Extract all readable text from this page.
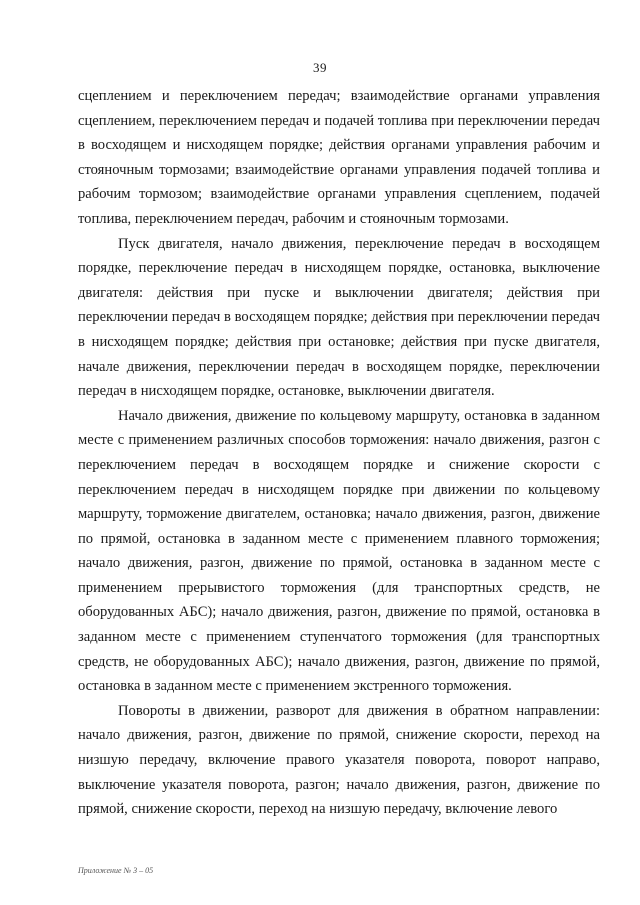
39

сцеплением и переключением передач; взаимодействие органами управления сцеплением, переключением передач и подачей топлива при переключении передач в восходящем и нисходящем порядке; действия органами управления рабочим и стояночным тормозами; взаимодействие органами управления подачей топлива и рабочим тормозом; взаимодействие органами управления сцеплением, подачей топлива, переключением передач, рабочим и стояночным тормозами.

Пуск двигателя, начало движения, переключение передач в восходящем порядке, переключение передач в нисходящем порядке, остановка, выключение двигателя: действия при пуске и выключении двигателя; действия при переключении передач в восходящем порядке; действия при переключении передач в нисходящем порядке; действия при остановке; действия при пуске двигателя, начале движения, переключении передач в восходящем порядке, переключении передач в нисходящем порядке, остановке, выключении двигателя.

Начало движения, движение по кольцевому маршруту, остановка в заданном месте с применением различных способов торможения: начало движения, разгон с переключением передач в восходящем порядке и снижение скорости с переключением передач в нисходящем порядке при движении по кольцевому маршруту, торможение двигателем, остановка; начало движения, разгон, движение по прямой, остановка в заданном месте с применением плавного торможения; начало движения, разгон, движение по прямой, остановка в заданном месте с применением прерывистого торможения (для транспортных средств, не оборудованных АБС); начало движения, разгон, движение по прямой, остановка в заданном месте с применением ступенчатого торможения (для транспортных средств, не оборудованных АБС); начало движения, разгон, движение по прямой, остановка в заданном месте с применением экстренного торможения.

Повороты в движении, разворот для движения в обратном направлении: начало движения, разгон, движение по прямой, снижение скорости, переход на низшую передачу, включение правого указателя поворота, поворот направо, выключение указателя поворота, разгон; начало движения, разгон, движение по прямой, снижение скорости, переход на низшую передачу, включение левого

Приложение № 3 – 05
